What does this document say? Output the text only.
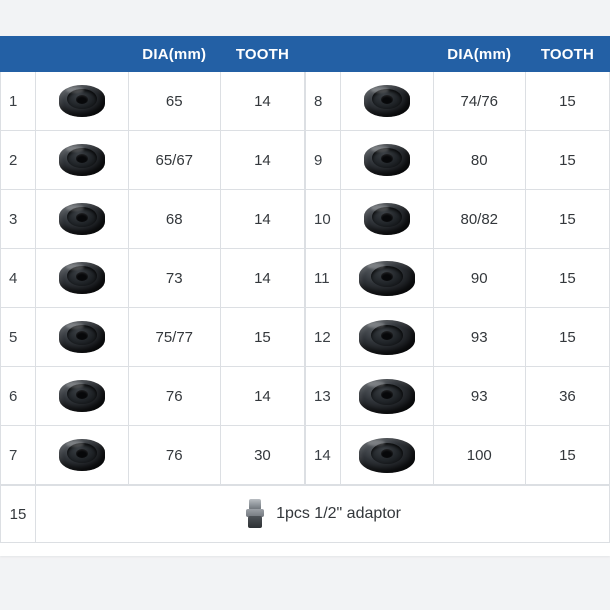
		DIA(mm)	TOOTH
1		65	14
2		65/67	14
3		68	14
4		73	14
5		75/77	15
6		76	14
7		76	30
		DIA(mm)	TOOTH
8		74/76	15
9		80	15
10		80/82	15
11		90	15
12		93	15
13		93	36
14		100	15
15	1pcs 1/2" adaptor
